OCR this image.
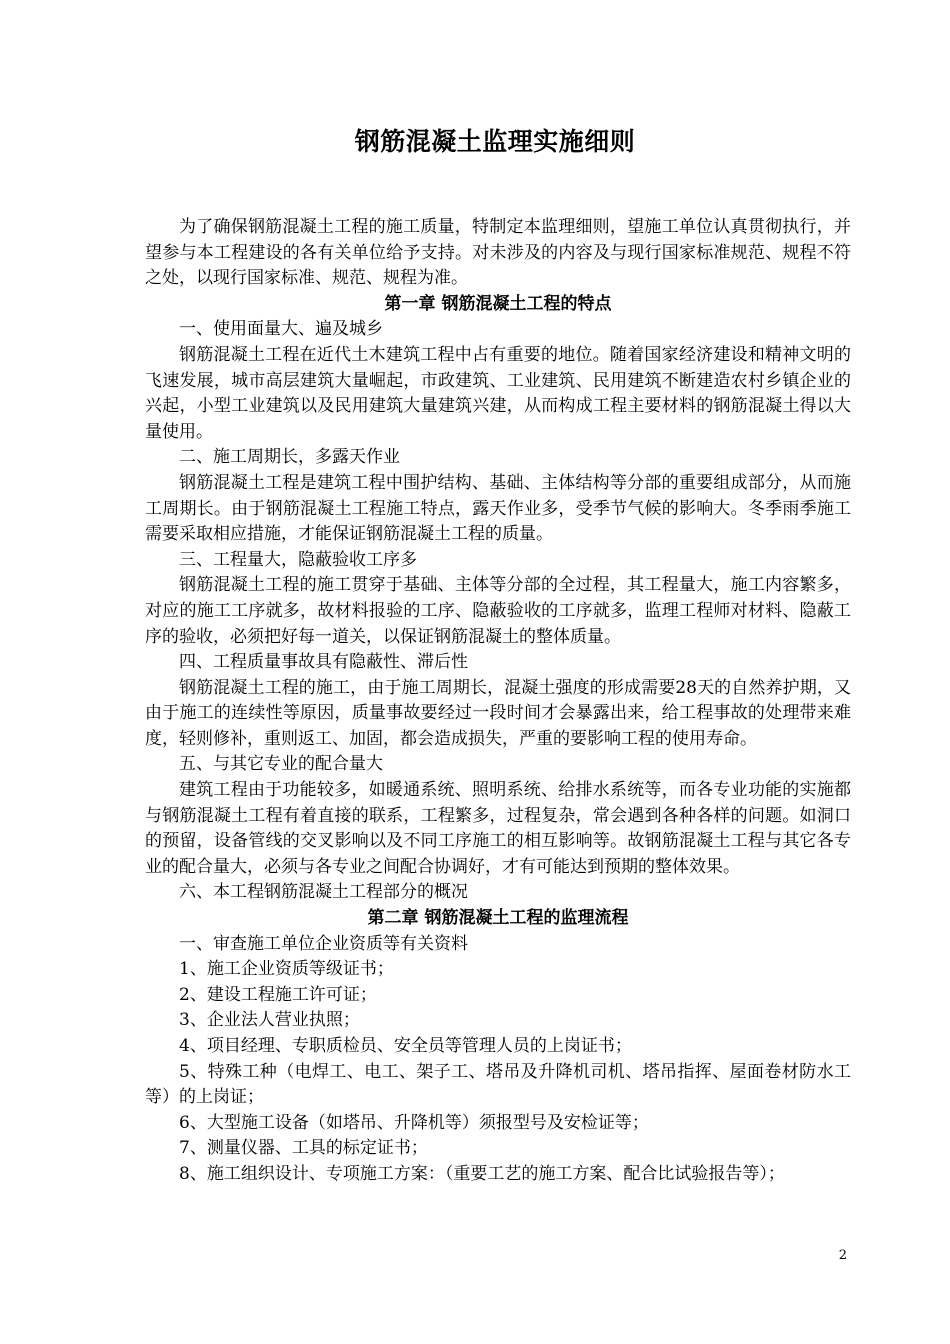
钢筋混凝土监理实施细则

为了确保钢筋混凝土工程的施工质量，特制定本监理细则，望施工单位认真贯彻执行，并望参与本工程建设的各有关单位给予支持。对未涉及的内容及与现行国家标准规范、规程不符之处，以现行国家标准、规范、规程为准。

第一章 钢筋混凝土工程的特点

一、使用面量大、遍及城乡

钢筋混凝土工程在近代土木建筑工程中占有重要的地位。随着国家经济建设和精神文明的飞速发展，城市高层建筑大量崛起，市政建筑、工业建筑、民用建筑不断建造农村乡镇企业的兴起，小型工业建筑以及民用建筑大量建筑兴建，从而构成工程主要材料的钢筋混凝土得以大量使用。

二、施工周期长，多露天作业

钢筋混凝土工程是建筑工程中围护结构、基础、主体结构等分部的重要组成部分，从而施工周期长。由于钢筋混凝土工程施工特点，露天作业多，受季节气候的影响大。冬季雨季施工需要采取相应措施，才能保证钢筋混凝土工程的质量。

三、工程量大，隐蔽验收工序多

钢筋混凝土工程的施工贯穿于基础、主体等分部的全过程，其工程量大，施工内容繁多，对应的施工工序就多，故材料报验的工序、隐蔽验收的工序就多，监理工程师对材料、隐蔽工序的验收，必须把好每一道关，以保证钢筋混凝土的整体质量。

四、工程质量事故具有隐蔽性、滞后性

钢筋混凝土工程的施工，由于施工周期长，混凝土强度的形成需要28天的自然养护期，又由于施工的连续性等原因，质量事故要经过一段时间才会暴露出来，给工程事故的处理带来难度，轻则修补，重则返工、加固，都会造成损失，严重的要影响工程的使用寿命。

五、与其它专业的配合量大

建筑工程由于功能较多，如暖通系统、照明系统、给排水系统等，而各专业功能的实施都与钢筋混凝土工程有着直接的联系，工程繁多，过程复杂，常会遇到各种各样的问题。如洞口的预留，设备管线的交叉影响以及不同工序施工的相互影响等。故钢筋混凝土工程与其它各专业的配合量大，必须与各专业之间配合协调好，才有可能达到预期的整体效果。

六、本工程钢筋混凝土工程部分的概况

第二章 钢筋混凝土工程的监理流程

一、审查施工单位企业资质等有关资料

1、施工企业资质等级证书；

2、建设工程施工许可证；

3、企业法人营业执照；

4、项目经理、专职质检员、安全员等管理人员的上岗证书；

5、特殊工种（电焊工、电工、架子工、塔吊及升降机司机、塔吊指挥、屋面卷材防水工等）的上岗证；

6、大型施工设备（如塔吊、升降机等）须报型号及安检证等；

7、测量仪器、工具的标定证书；

8、施工组织设计、专项施工方案：（重要工艺的施工方案、配合比试验报告等）；

2
